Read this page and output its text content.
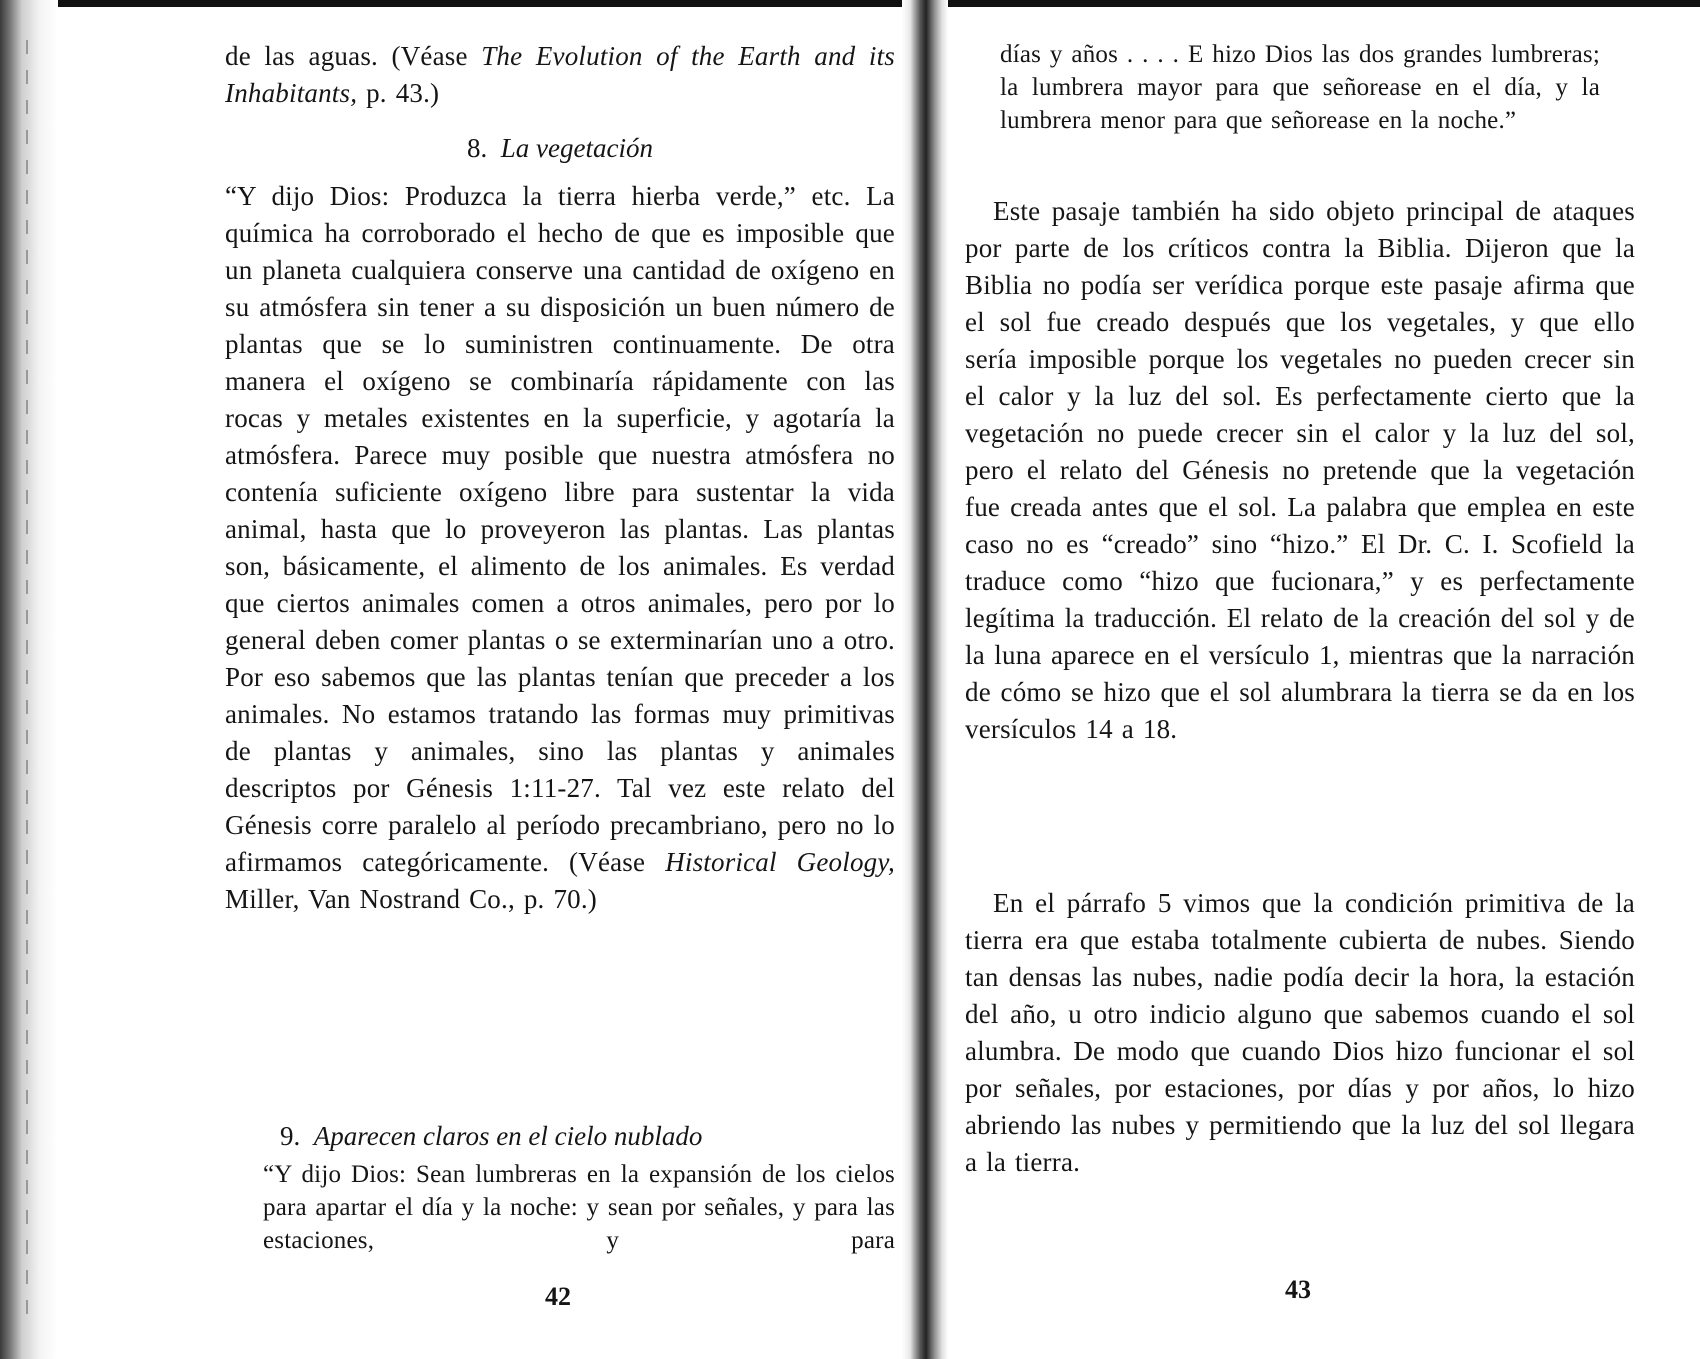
de las aguas. (Véase The Evolution of the Earth and its Inhabitants, p. 43.)

8. La vegetación

“Y dijo Dios: Produzca la tierra hierba verde,” etc. La química ha corroborado el hecho de que es imposible que un planeta cualquiera conserve una cantidad de oxígeno en su atmósfera sin tener a su disposición un buen número de plantas que se lo suministren continuamente. De otra manera el oxígeno se combinaría rápidamente con las rocas y metales existentes en la superficie, y agotaría la atmósfera. Parece muy posible que nuestra atmósfera no contenía suficiente oxígeno libre para sustentar la vida animal, hasta que lo proveyeron las plantas. Las plantas son, básicamente, el alimento de los animales. Es verdad que ciertos animales comen a otros animales, pero por lo general deben comer plantas o se exterminarían uno a otro. Por eso sabemos que las plantas tenían que preceder a los animales. No estamos tratando las formas muy primitivas de plantas y animales, sino las plantas y animales descriptos por Génesis 1:11-27. Tal vez este relato del Génesis corre paralelo al período precambriano, pero no lo afirmamos categóricamente. (Véase Historical Geology, Miller, Van Nostrand Co., p. 70.)

9. Aparecen claros en el cielo nublado

“Y dijo Dios: Sean lumbreras en la expansión de los cielos para apartar el día y la noche: y sean por señales, y para las estaciones, y para

42

días y años . . . . E hizo Dios las dos grandes lumbreras; la lumbrera mayor para que señorease en el día, y la lumbrera menor para que señorease en la noche.”

Este pasaje también ha sido objeto principal de ataques por parte de los críticos contra la Biblia. Dijeron que la Biblia no podía ser verídica porque este pasaje afirma que el sol fue creado después que los vegetales, y que ello sería imposible porque los vegetales no pueden crecer sin el calor y la luz del sol. Es perfectamente cierto que la vegetación no puede crecer sin el calor y la luz del sol, pero el relato del Génesis no pretende que la vegetación fue creada antes que el sol. La palabra que emplea en este caso no es “creado” sino “hizo.” El Dr. C. I. Scofield la traduce como “hizo que fucionara,” y es perfectamente legítima la traducción. El relato de la creación del sol y de la luna aparece en el versículo 1, mientras que la narración de cómo se hizo que el sol alumbrara la tierra se da en los versículos 14 a 18.

En el párrafo 5 vimos que la condición primitiva de la tierra era que estaba totalmente cubierta de nubes. Siendo tan densas las nubes, nadie podía decir la hora, la estación del año, u otro indicio alguno que sabemos cuando el sol alumbra. De modo que cuando Dios hizo funcionar el sol por señales, por estaciones, por días y por años, lo hizo abriendo las nubes y permitiendo que la luz del sol llegara a la tierra.

43
